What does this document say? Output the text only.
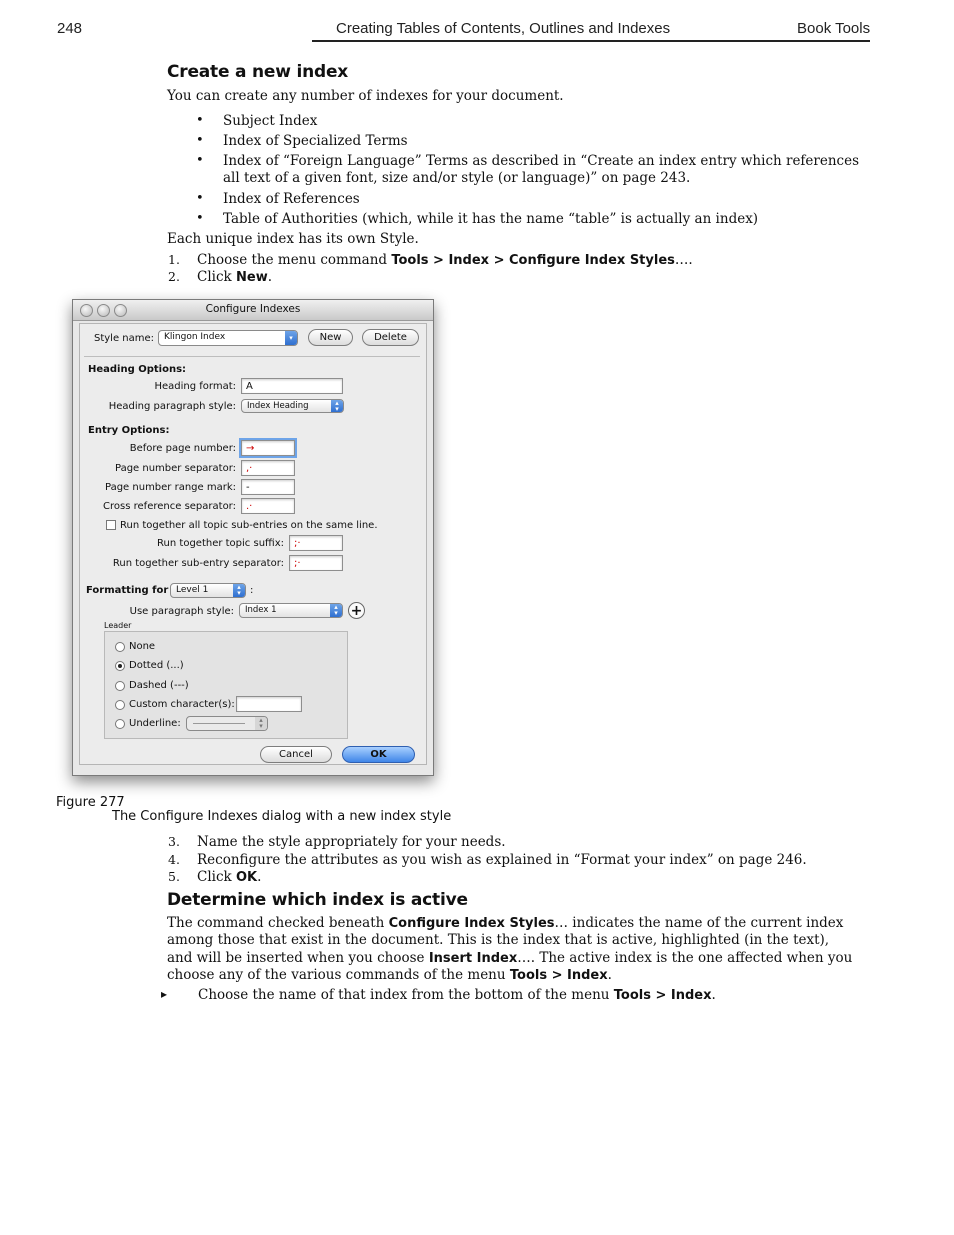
248	Creating Tables of Contents, Outlines and Indexes	Book Tools
Create a new index
You can create any number of indexes for your document.
• Subject Index
• Index of Specialized Terms
• Index of “Foreign Language” Terms as described in “Create an index entry which references
all text of a given font, size and/or style (or language)” on page 243.
• Index of References
• Table of Authorities (which, while it has the name “table” is actually an index)
Each unique index has its own Style.
1. Choose the menu command Tools > Index > Configure Index Styles….
2. Click New.
Configure Indexes
Style name:	Klingon Index	▾	New	Delete
Heading Options:
Heading format:	A
Heading paragraph style:	Index Heading	▴
▾
Entry Options:
Before page number:	→
Page number separator:	,·
Page number range mark:	-
Cross reference separator:	.·
Run together all topic sub-entries on the same line.
Run together topic suffix:	;·
Run together sub-entry separator:	;·
Formatting for Level 1	▴
▾ :
Use paragraph style:	Index 1	▴
▾ +
Leader
None
Dotted (...)
Dashed (---)
Custom character(s):
Underline:	▴
▾
Cancel	OK
Figure 277
The Configure Indexes dialog with a new index style
3. Name the style appropriately for your needs.
4. Reconfigure the attributes as you wish as explained in “Format your index” on page 246.
5. Click OK.
Determine which index is active
The command checked beneath Configure Index Styles… indicates the name of the current index
among those that exist in the document. This is the index that is active, highlighted (in the text),
and will be inserted when you choose Insert Index…. The active index is the one affected when you
choose any of the various commands of the menu Tools > Index.
▸ Choose the name of that index from the bottom of the menu Tools > Index.
